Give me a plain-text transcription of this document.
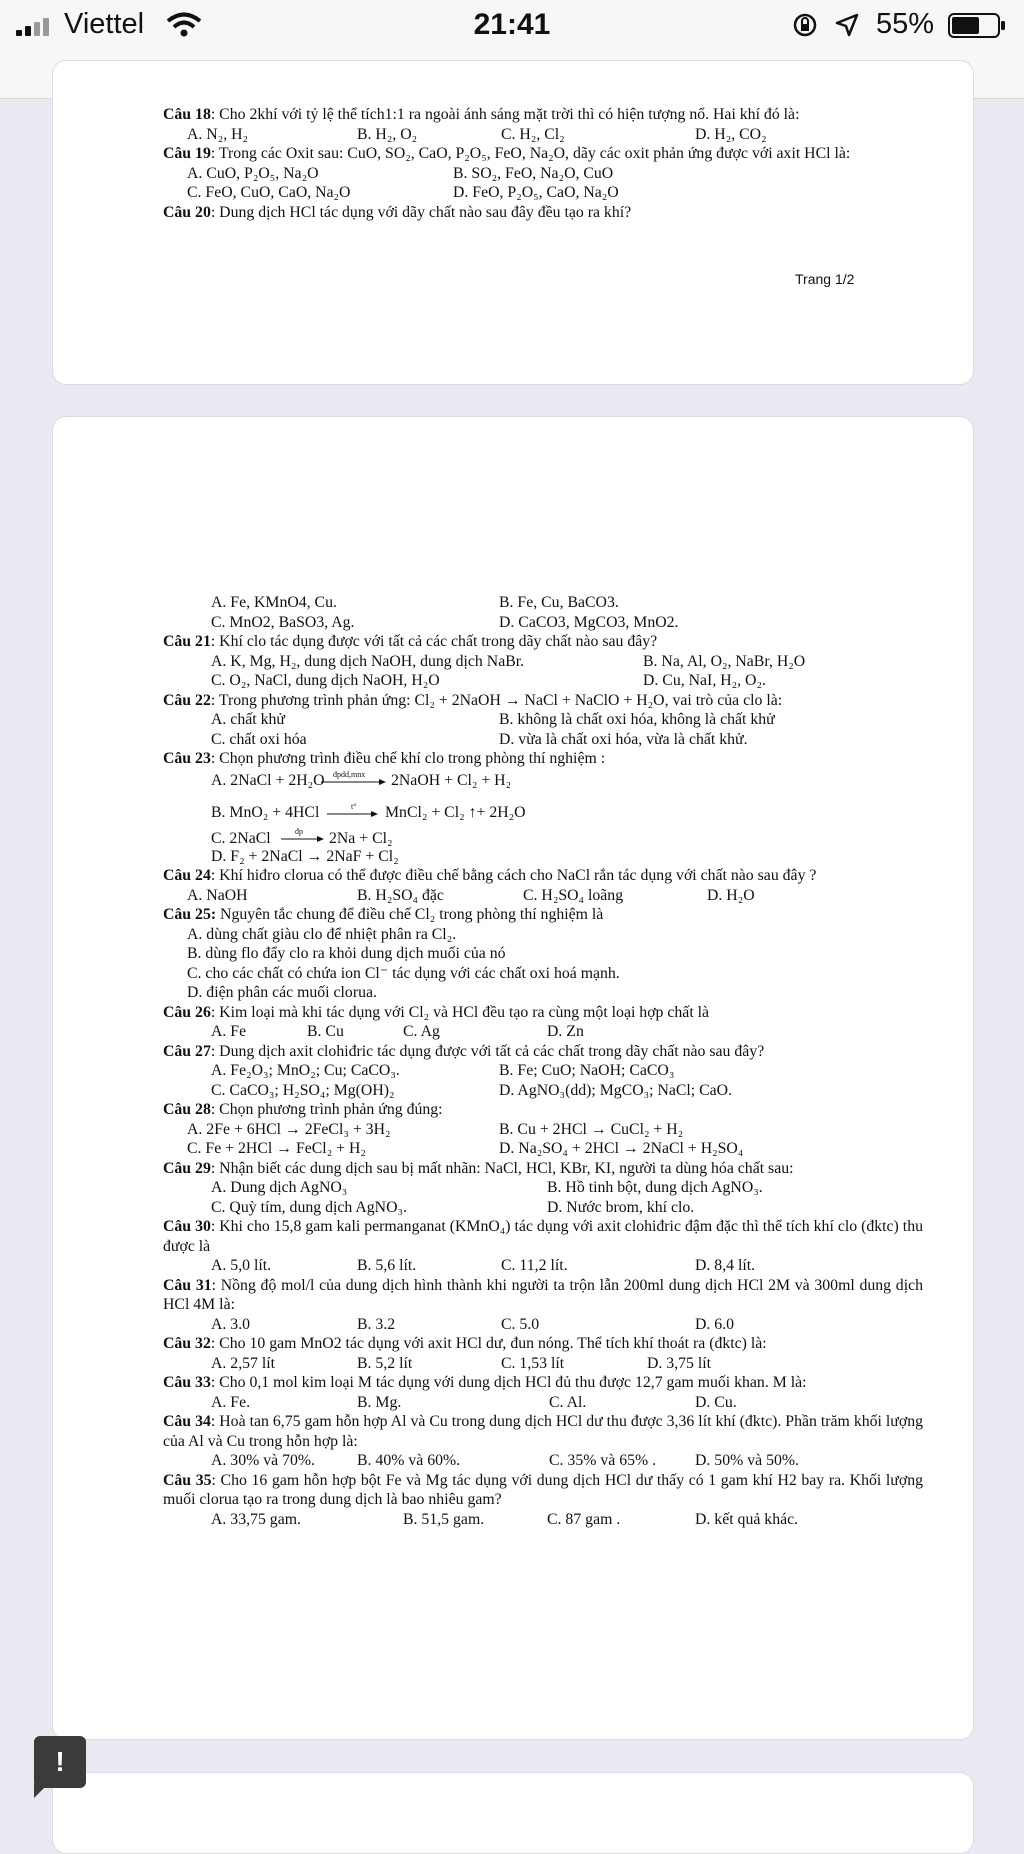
Viettel	21:41	55%

Câu 18: Cho 2khí với tỷ lệ thể tích1:1 ra ngoài ánh sáng mặt trời thì có hiện tượng nổ. Hai khí đó là:

A. N₂, H₂	B. H₂, O₂	C. H₂, Cl₂	D. H₂, CO₂

Câu 19: Trong các Oxit sau: CuO, SO₂, CaO, P₂O₅, FeO, Na₂O, dãy các oxit phản ứng được với axit HCl là:

A. CuO, P₂O₅, Na₂O	B. SO₂, FeO, Na₂O, CuO
C. FeO, CuO, CaO, Na₂O	D. FeO, P₂O₅, CaO, Na₂O

Câu 20: Dung dịch HCl tác dụng với dãy chất nào sau đây đều tạo ra khí?

Trang 1/2
A. Fe, KMnO4, Cu.	B. Fe, Cu, BaCO3.
C. MnO2, BaSO3, Ag.	D. CaCO3, MgCO3, MnO2.

Câu 21: Khí clo tác dụng được với tất cả các chất trong dãy chất nào sau đây?

A. K, Mg, H₂, dung dịch NaOH, dung dịch NaBr.	B. Na, Al, O₂, NaBr, H₂O
C. O₂, NaCl, dung dịch NaOH, H₂O	D. Cu, NaI, H₂, O₂.

Câu 22: Trong phương trình phản ứng: Cl₂ + 2NaOH → NaCl + NaClO + H₂O, vai trò của clo là:

A. chất khử	B. không là chất oxi hóa, không là chất khử
C. chất oxi hóa	D. vừa là chất oxi hóa, vừa là chất khử.

Câu 23: Chọn phương trình điều chế khí clo trong phòng thí nghiệm :

A. 2NaCl + 2H₂O đpdd,mnx 2NaOH + Cl₂ + H₂
B. MnO₂ + 4HCl	t° → MnCl₂ + Cl₂ ↑+ 2H₂O
C. 2NaCl	đp → 2Na + Cl₂
D. F₂ + 2NaCl → 2NaF + Cl₂

Câu 24: Khí hiđro clorua có thể được điều chế bằng cách cho NaCl rắn tác dụng với chất nào sau đây ?

A. NaOH	B. H₂SO₄ đặc	C. H₂SO₄ loãng	D. H₂O

Câu 25: Nguyên tắc chung để điều chế Cl₂ trong phòng thí nghiệm là

A. dùng chất giàu clo để nhiệt phân ra Cl₂.
B. dùng flo đẩy clo ra khỏi dung dịch muối của nó
C. cho các chất có chứa ion Cl⁻ tác dụng với các chất oxi hoá mạnh.
D. điện phân các muối clorua.

Câu 26: Kim loại mà khi tác dụng với Cl₂ và HCl đều tạo ra cùng một loại hợp chất là

A. Fe	B. Cu	C. Ag	D. Zn

Câu 27: Dung dịch axit clohiđric tác dụng được với tất cả các chất trong dãy chất nào sau đây?

A. Fe₂O₃; MnO₂; Cu; CaCO₃.	B. Fe; CuO; NaOH; CaCO₃
C. CaCO₃; H₂SO₄; Mg(OH)₂	D. AgNO₃(dd); MgCO₃; NaCl; CaO.

Câu 28: Chọn phương trình phản ứng đúng:

A. 2Fe + 6HCl → 2FeCl₃ + 3H₂	B. Cu + 2HCl → CuCl₂ + H₂
C. Fe + 2HCl → FeCl₂ + H₂	D. Na₂SO₄ + 2HCl → 2NaCl + H₂SO₄

Câu 29: Nhận biết các dung dịch sau bị mất nhãn: NaCl, HCl, KBr, KI, người ta dùng hóa chất sau:

A. Dung dịch AgNO₃	B. Hồ tinh bột, dung dịch AgNO₃.
C. Quỳ tím, dung dịch AgNO₃.	D. Nước brom, khí clo.

Câu 30: Khi cho 15,8 gam kali permanganat (KMnO₄) tác dụng với axit clohiđric đậm đặc thì thể tích khí clo (đktc) thu được là

A. 5,0 lít.	B. 5,6 lít.	C. 11,2 lít.	D. 8,4 lít.

Câu 31: Nồng độ mol/l của dung dịch hình thành khi người ta trộn lẫn 200ml dung dịch HCl 2M và 300ml dung dịch HCl 4M là:

A. 3.0	B. 3.2	C. 5.0	D. 6.0

Câu 32: Cho 10 gam MnO2 tác dụng với axit HCl dư, đun nóng. Thể tích khí thoát ra (đktc) là:

A. 2,57 lít	B. 5,2 lít	C. 1,53 lít	D. 3,75 lít

Câu 33: Cho 0,1 mol kim loại M tác dụng với dung dịch HCl đủ thu được 12,7 gam muối khan. M là:

A. Fe.	B. Mg.	C. Al.	D. Cu.

Câu 34: Hoà tan 6,75 gam hỗn hợp Al và Cu trong dung dịch HCl dư thu được 3,36 lít khí (đktc). Phần trăm khối lượng của Al và Cu trong hỗn hợp là:

A. 30% và 70%.	B. 40% và 60%.	C. 35% và 65% . D. 50% và 50%.

Câu 35: Cho 16 gam hỗn hợp bột Fe và Mg tác dụng với dung dịch HCl dư thấy có 1 gam khí H2 bay ra. Khối lượng muối clorua tạo ra trong dung dịch là bao nhiêu gam?

A. 33,75 gam.	B. 51,5 gam.	C. 87 gam .	D. kết quả khác.
!
